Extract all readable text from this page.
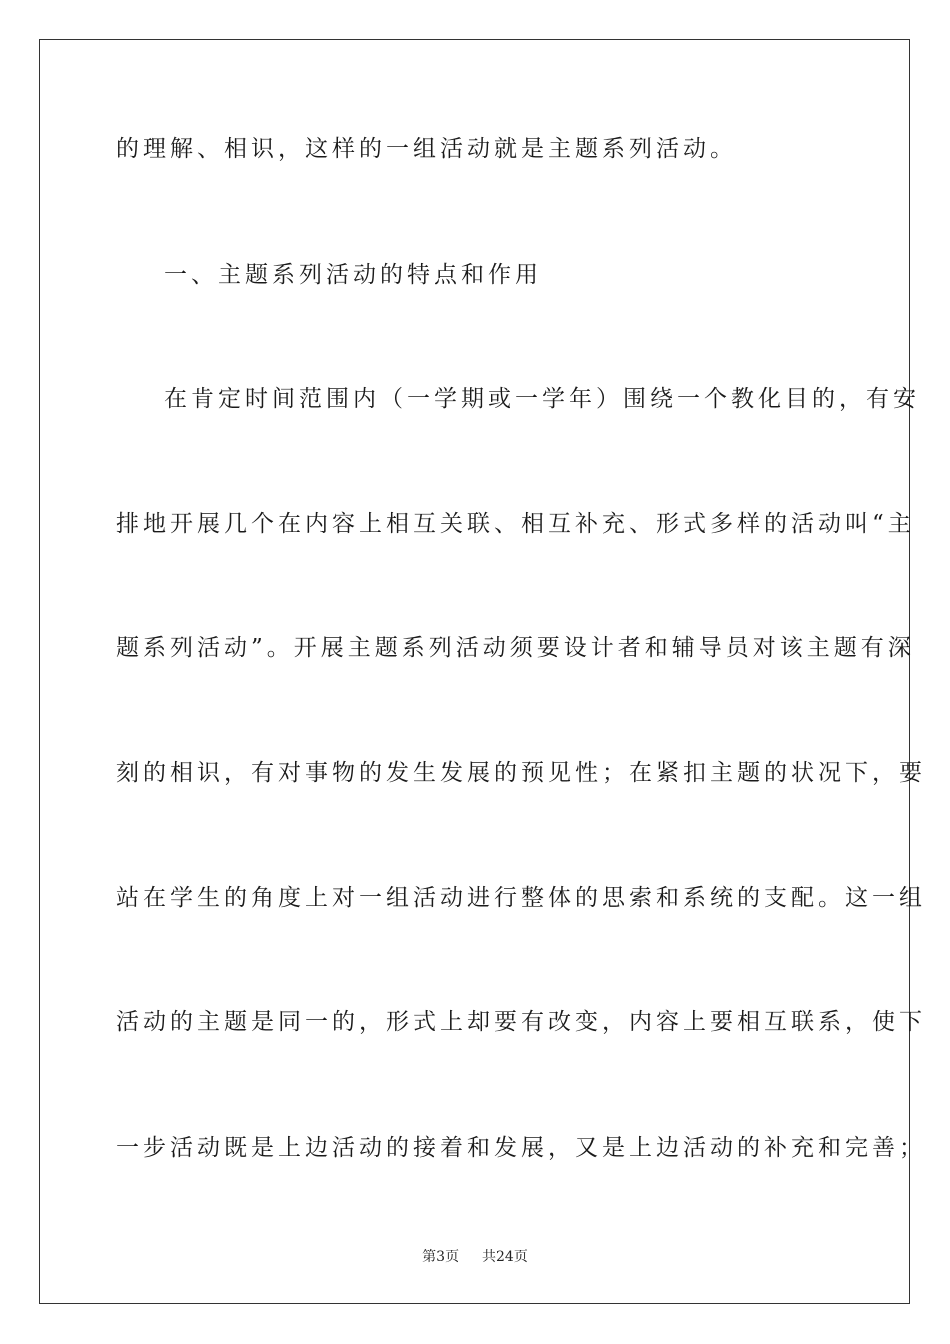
的理解、相识，这样的一组活动就是主题系列活动。
一、主题系列活动的特点和作用
在肯定时间范围内（一学期或一学年）围绕一个教化目的，有安
排地开展几个在内容上相互关联、相互补充、形式多样的活动叫“主
题系列活动”。开展主题系列活动须要设计者和辅导员对该主题有深
刻的相识，有对事物的发生发展的预见性；在紧扣主题的状况下，要
站在学生的角度上对一组活动进行整体的思索和系统的支配。这一组
活动的主题是同一的，形式上却要有改变，内容上要相互联系，使下
一步活动既是上边活动的接着和发展，又是上边活动的补充和完善；
第3页 共24页
